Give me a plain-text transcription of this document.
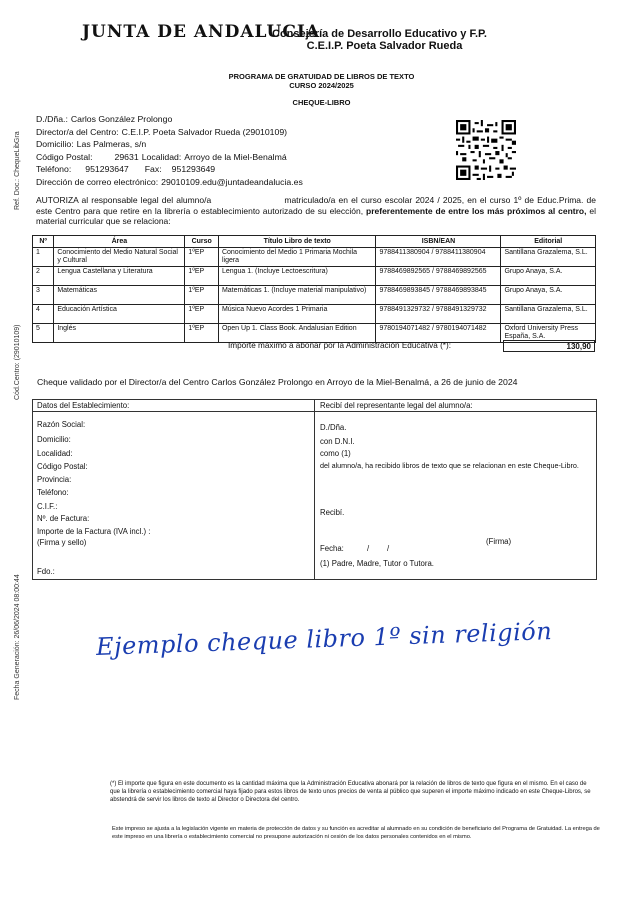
JUNTA DE ANDALUCIA
Consejería de Desarrollo Educativo y F.P.
C.E.I.P. Poeta Salvador Rueda
PROGRAMA DE GRATUIDAD DE LIBROS DE TEXTO
CURSO 2024/2025
CHEQUE-LIBRO
Ref. Doc.: ChequeLibGra
Cód.Centro: (29010109)
Fecha Generación: 26/06/2024 08:00:44
D./Dña.: Carlos González Prolongo
Director/a del Centro: C.E.I.P. Poeta Salvador Rueda (29010109)
Domicilio: Las Palmeras, s/n
Código Postal:	29631 Localidad: Arroyo de la Miel-Benalmá
Teléfono: 951293647 Fax: 951293649
Dirección de correo electrónico: 29010109.edu@juntadeandalucia.es
AUTORIZA al responsable legal del alumno/a	matriculado/a en el curso escolar 2024 / 2025, en el curso 1º de Educ.Prima. de este Centro para que retire en la librería o establecimiento autorizado de su elección, preferentemente de entre los más próximos al centro, el material curricular que se relaciona:
Nº	Área	Curso	Título Libro de texto	ISBN/EAN	Editorial
1	Conocimiento del Medio Natural Social y Cultural	1ºEP	Conocimiento del Medio 1 Primaria Mochila ligera	9788411380904 / 9788411380904	Santillana Grazalema, S.L.
2	Lengua Castellana y Literatura	1ºEP	Lengua 1. (Incluye Lectoescritura)	9788469892565 / 9788469892565	Grupo Anaya, S.A.
3	Matemáticas	1ºEP	Matemáticas 1. (Incluye material manipulativo)	9788469893845 / 9788469893845	Grupo Anaya, S.A.
4	Educación Artística	1ºEP	Música Nuevo Acordes 1 Primaria	9788491329732 / 9788491329732	Santillana Grazalema, S.L.
5	Inglés	1ºEP	Open Up 1. Class Book. Andalusian Edition	9780194071482 / 9780194071482	Oxford University Press España, S.A.
Importe máximo a abonar por la Administración Educativa (*):	130,90
Cheque validado por el Director/a del Centro Carlos González Prolongo en Arroyo de la Miel-Benalmá, a 26 de junio de 2024
Datos del Establecimiento:
Razón Social:
Domicilio:
Localidad:
Código Postal:
Provincia:
Teléfono:
C.I.F.:
Nº. de Factura:
Importe de la Factura (IVA incl.) :
(Firma y sello)
Fdo.:
Recibí del representante legal del alumno/a:
D./Dña.
con D.N.I.
como (1)
del alumno/a, ha recibido libros de texto que se relacionan en este Cheque-Libro.
Recibí.
(Firma)
Fecha:	/ /
(1) Padre, Madre, Tutor o Tutora.
Ejemplo cheque libro 1º sin religión
(*) El importe que figura en este documento es la cantidad máxima que la Administración Educativa abonará por la relación de libros de texto que figura en el mismo. En el caso de que la librería o establecimiento comercial haya fijado para estos libros de texto unos precios de venta al público que superen el importe máximo indicado en este Cheque-Libros, se abstendrá de servir los libros de texto al Director o Directora del centro.
Este impreso se ajusta a la legislación vigente en materia de protección de datos y su función es acreditar al alumnado en su condición de beneficiario del Programa de Gratuidad. La entrega de este impreso en una librería o establecimiento comercial no presupone autorización ni cesión de los datos personales contenidos en el mismo.
